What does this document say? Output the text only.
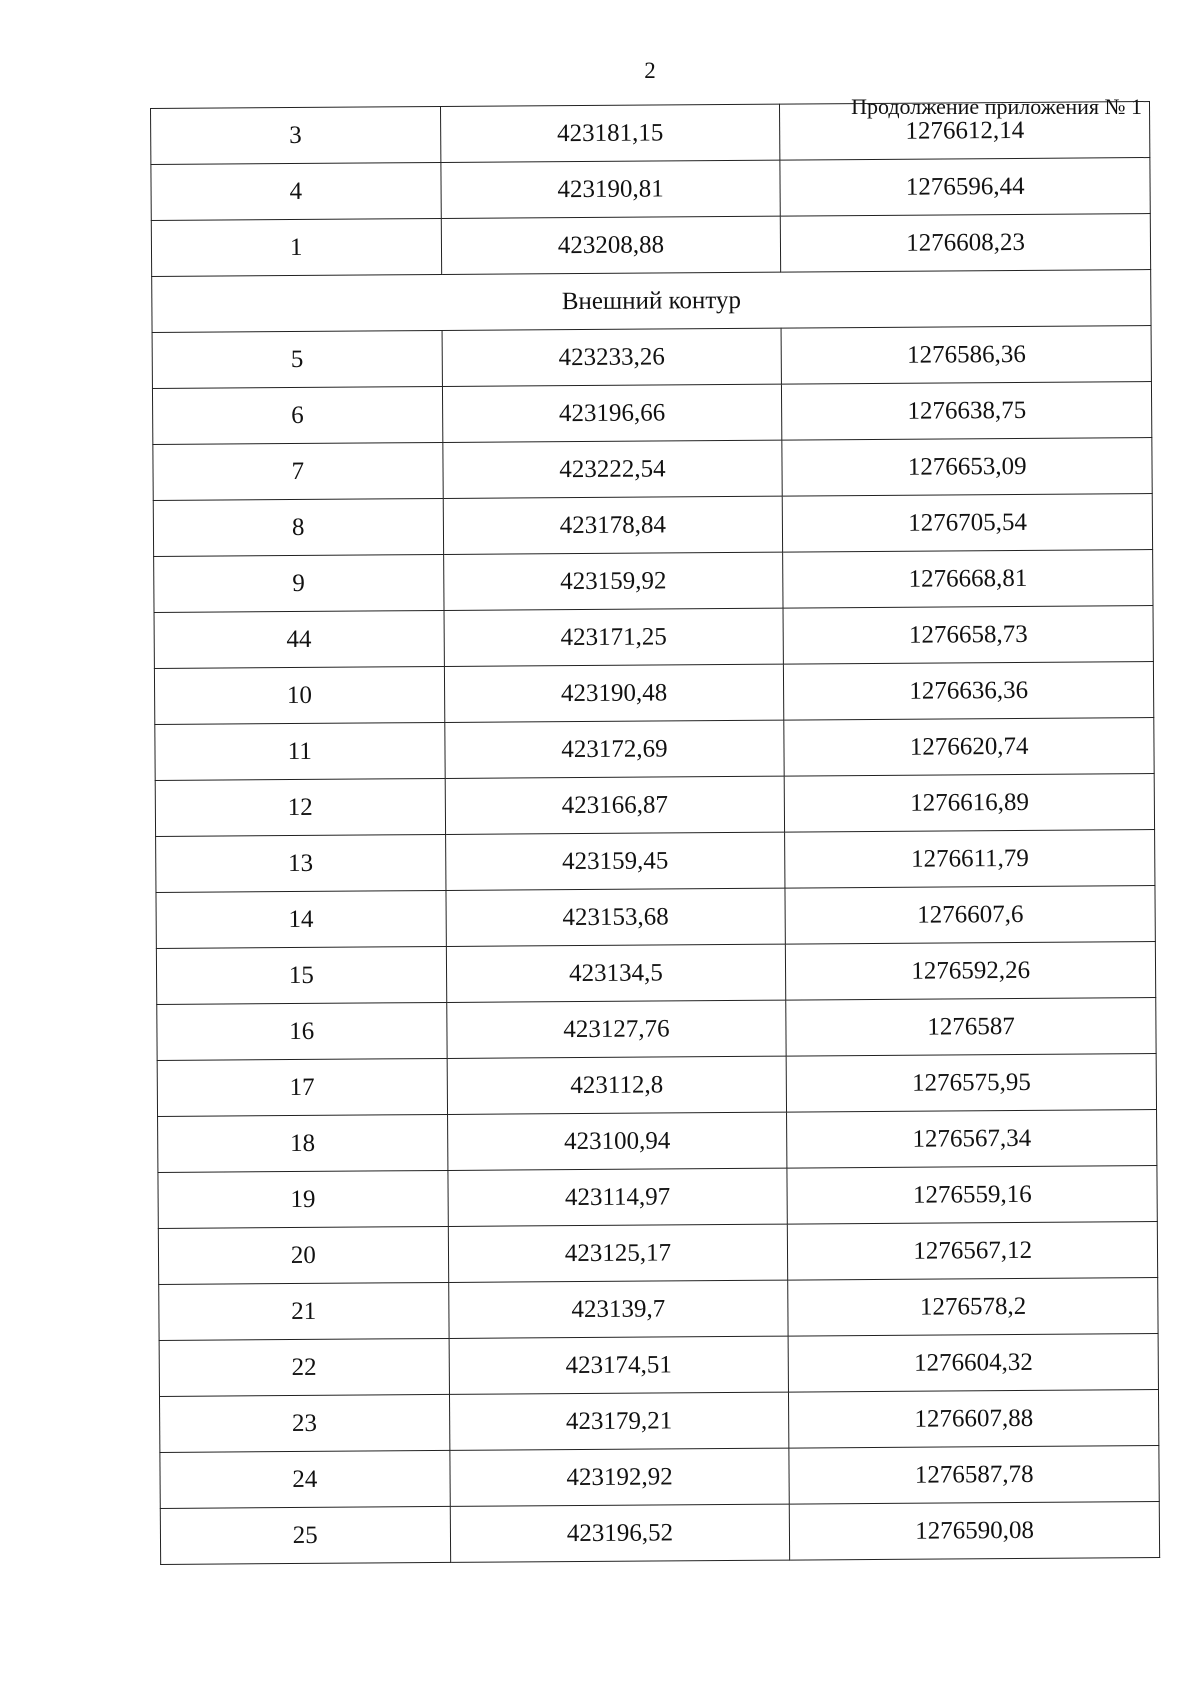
2
Продолжение приложения № 1
3	423181,15	1276612,14
4	423190,81	1276596,44
1	423208,88	1276608,23
Внешний контур		
5	423233,26	1276586,36
6	423196,66	1276638,75
7	423222,54	1276653,09
8	423178,84	1276705,54
9	423159,92	1276668,81
44	423171,25	1276658,73
10	423190,48	1276636,36
11	423172,69	1276620,74
12	423166,87	1276616,89
13	423159,45	1276611,79
14	423153,68	1276607,6
15	423134,5	1276592,26
16	423127,76	1276587
17	423112,8	1276575,95
18	423100,94	1276567,34
19	423114,97	1276559,16
20	423125,17	1276567,12
21	423139,7	1276578,2
22	423174,51	1276604,32
23	423179,21	1276607,88
24	423192,92	1276587,78
25	423196,52	1276590,08
